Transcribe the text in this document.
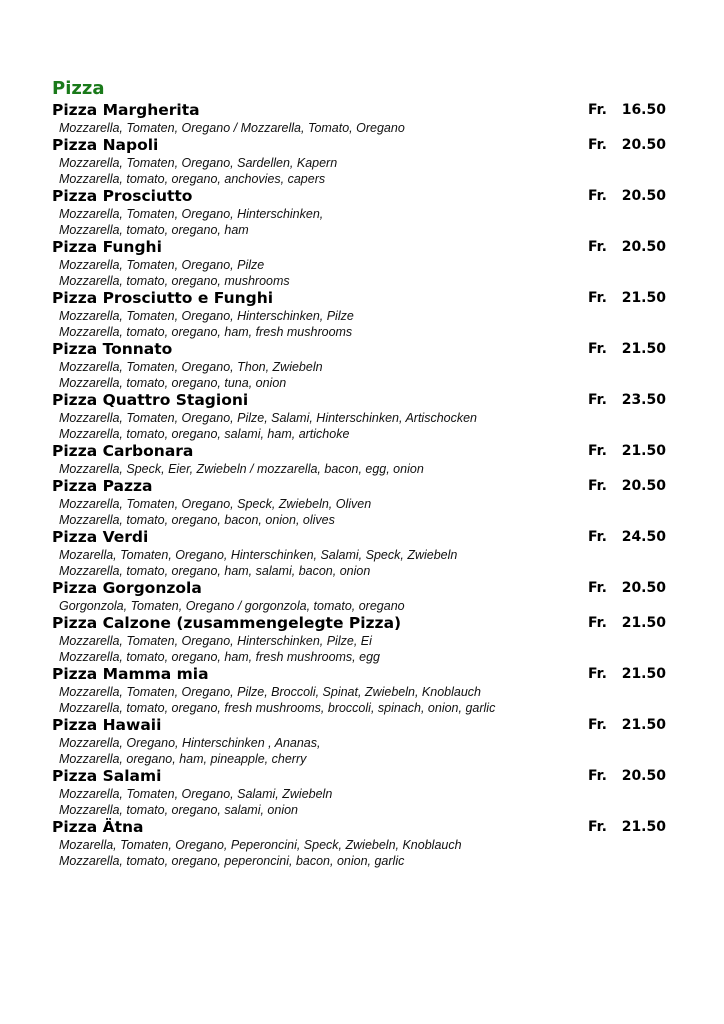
Pizza
Pizza Margherita	Fr. 16.50
Mozzarella, Tomaten, Oregano / Mozzarella, Tomato, Oregano
Pizza Napoli	Fr. 20.50
Mozzarella, Tomaten, Oregano, Sardellen, Kapern
Mozzarella, tomato, oregano, anchovies, capers
Pizza Prosciutto	Fr. 20.50
Mozzarella, Tomaten, Oregano, Hinterschinken,
Mozzarella, tomato, oregano, ham
Pizza Funghi	Fr. 20.50
Mozzarella, Tomaten, Oregano, Pilze
Mozzarella, tomato, oregano, mushrooms
Pizza Prosciutto e Funghi	Fr. 21.50
Mozzarella, Tomaten, Oregano, Hinterschinken, Pilze
Mozzarella, tomato, oregano, ham, fresh mushrooms
Pizza Tonnato	Fr. 21.50
Mozzarella, Tomaten, Oregano, Thon, Zwiebeln
Mozzarella, tomato, oregano, tuna, onion
Pizza Quattro Stagioni	Fr. 23.50
Mozzarella, Tomaten, Oregano, Pilze, Salami, Hinterschinken, Artischocken
Mozzarella, tomato, oregano, salami, ham, artichoke
Pizza Carbonara	Fr. 21.50
Mozzarella, Speck, Eier, Zwiebeln / mozzarella, bacon, egg, onion
Pizza Pazza	Fr. 20.50
Mozzarella, Tomaten, Oregano, Speck, Zwiebeln, Oliven
Mozzarella, tomato, oregano, bacon, onion, olives
Pizza Verdi	Fr. 24.50
Mozarella, Tomaten, Oregano, Hinterschinken, Salami, Speck, Zwiebeln
Mozzarella, tomato, oregano, ham, salami, bacon, onion
Pizza Gorgonzola	Fr. 20.50
Gorgonzola, Tomaten, Oregano / gorgonzola, tomato, oregano
Pizza Calzone (zusammengelegte Pizza)	Fr. 21.50
Mozzarella, Tomaten, Oregano, Hinterschinken, Pilze, Ei
Mozzarella, tomato, oregano, ham, fresh mushrooms, egg
Pizza Mamma mia	Fr. 21.50
Mozzarella, Tomaten, Oregano, Pilze, Broccoli, Spinat, Zwiebeln, Knoblauch
Mozzarella, tomato, oregano, fresh mushrooms, broccoli, spinach, onion, garlic
Pizza Hawaii	Fr. 21.50
Mozzarella, Oregano, Hinterschinken , Ananas,
Mozzarella, oregano, ham, pineapple, cherry
Pizza Salami	Fr. 20.50
Mozzarella, Tomaten, Oregano, Salami, Zwiebeln
Mozzarella, tomato, oregano, salami, onion
Pizza Ätna	Fr. 21.50
Mozarella, Tomaten, Oregano, Peperoncini, Speck, Zwiebeln, Knoblauch
Mozzarella, tomato, oregano, peperoncini, bacon, onion, garlic
